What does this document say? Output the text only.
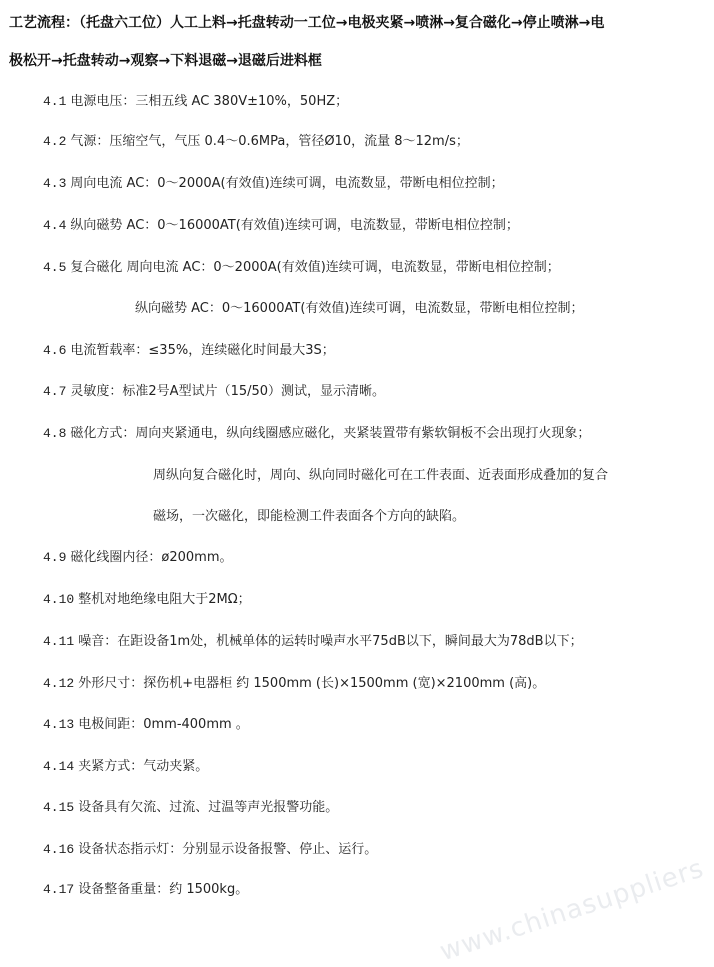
工艺流程：（托盘六工位）人工上料→托盘转动一工位→电极夹紧→喷淋→复合磁化→停止喷淋→电
极松开→托盘转动→观察→下料退磁→退磁后进料框
4.1 电源电压：三相五线 AC 380V±10%，50HZ；
4.2 气源：压缩空气，气压 0.4～0.6MPa，管径Ø10，流量 8～12m/s；
4.3 周向电流 AC：0～2000A(有效值)连续可调，电流数显，带断电相位控制；
4.4 纵向磁势 AC：0～16000AT(有效值)连续可调，电流数显，带断电相位控制；
4.5 复合磁化 周向电流 AC：0～2000A(有效值)连续可调，电流数显，带断电相位控制；
纵向磁势 AC：0～16000AT(有效值)连续可调，电流数显，带断电相位控制；
4.6 电流暂载率：≤35%，连续磁化时间最大3S；
4.7 灵敏度：标准2号A型试片（15/50）测试，显示清晰。
4.8 磁化方式：周向夹紧通电，纵向线圈感应磁化，夹紧装置带有紫软铜板不会出现打火现象；
周纵向复合磁化时，周向、纵向同时磁化可在工件表面、近表面形成叠加的复合
磁场，一次磁化，即能检测工件表面各个方向的缺陷。
4.9 磁化线圈内径：ø200mm。
4.10 整机对地绝缘电阻大于2MΩ；
4.11 噪音：在距设备1m处，机械单体的运转时噪声水平75dB以下，瞬间最大为78dB以下；
4.12 外形尺寸：探伤机+电器柜 约 1500mm (长)×1500mm (宽)×2100mm (高)。
4.13 电极间距：0mm-400mm 。
4.14 夹紧方式：气动夹紧。
4.15 设备具有欠流、过流、过温等声光报警功能。
4.16 设备状态指示灯：分别显示设备报警、停止、运行。
4.17 设备整备重量：约 1500kg。	www.chinasuppliers
